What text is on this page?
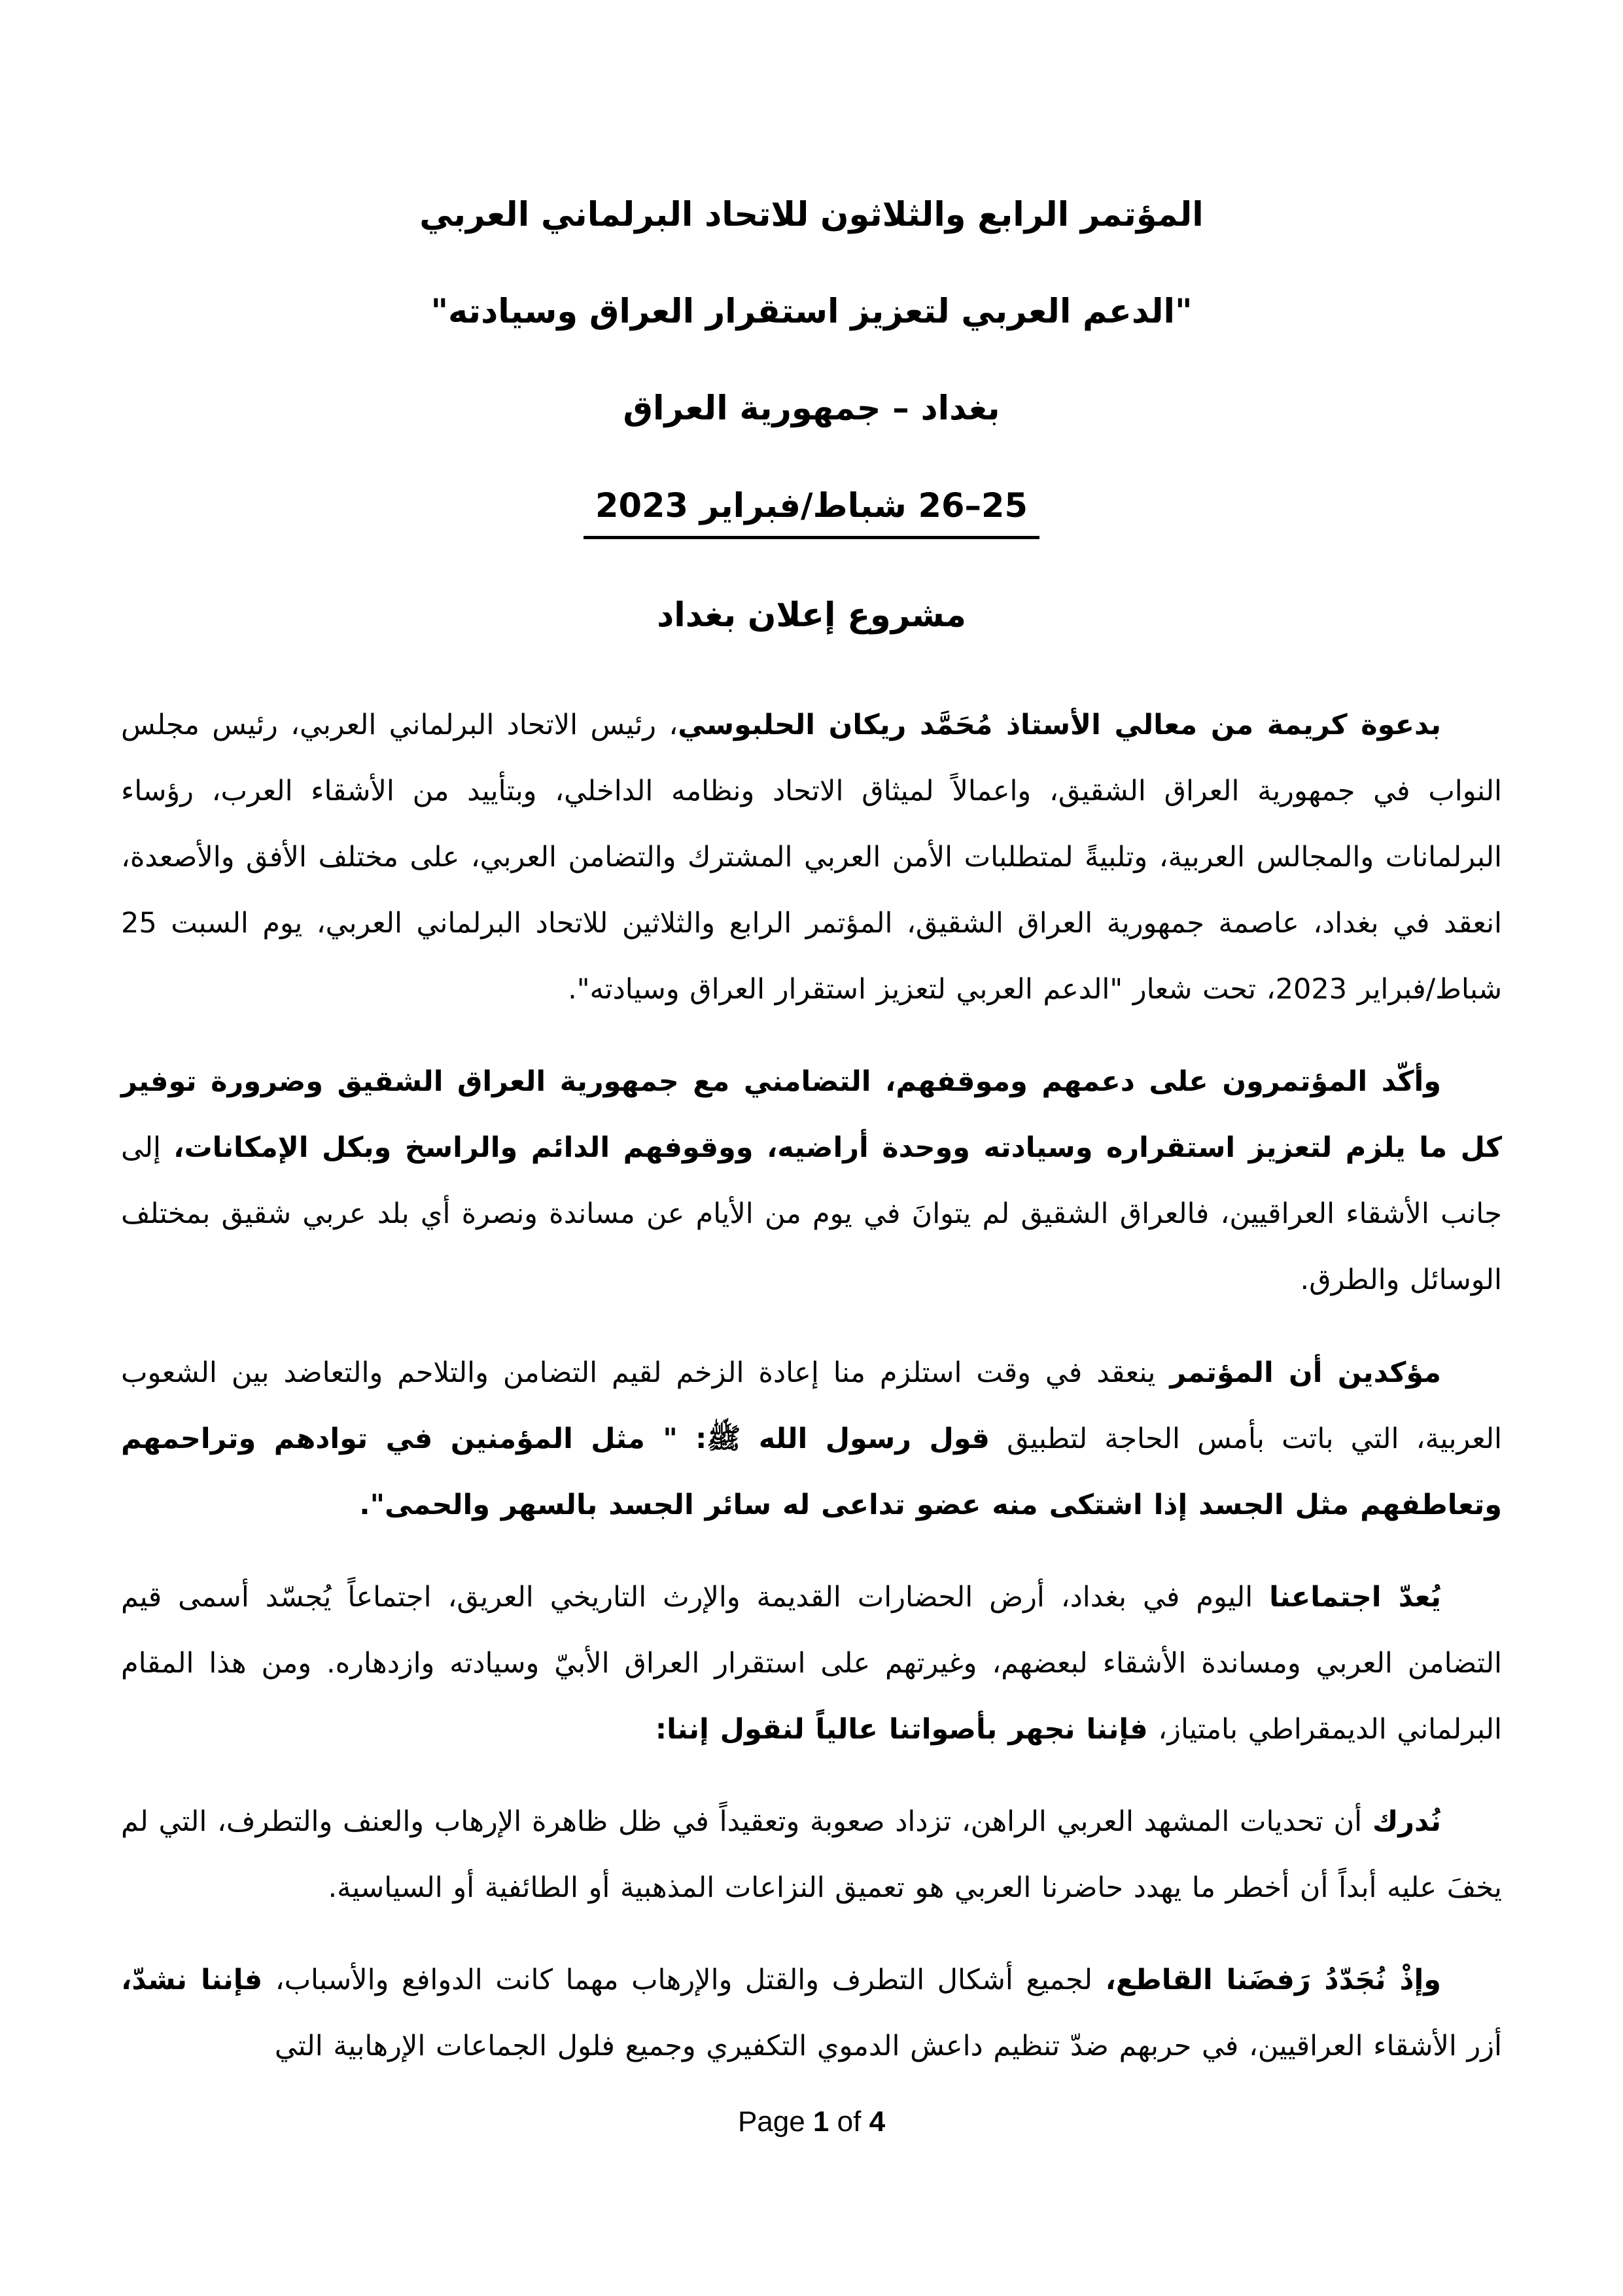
المؤتمر الرابع والثلاثون للاتحاد البرلماني العربي
"الدعم العربي لتعزيز استقرار العراق وسيادته"
بغداد – جمهورية العراق
25–26 شباط/فبراير 2023
مشروع إعلان بغداد

بدعوة كريمة من معالي الأستاذ مُحَمَّد ريكان الحلبوسي، رئيس الاتحاد البرلماني العربي، رئيس مجلس النواب في جمهورية العراق الشقيق، واعمالاً لميثاق الاتحاد ونظامه الداخلي، وبتأييد من الأشقاء العرب، رؤساء البرلمانات والمجالس العربية، وتلبيةً لمتطلبات الأمن العربي المشترك والتضامن العربي، على مختلف الأفق والأصعدة، انعقد في بغداد، عاصمة جمهورية العراق الشقيق، المؤتمر الرابع والثلاثين للاتحاد البرلماني العربي، يوم السبت 25 شباط/فبراير 2023، تحت شعار "الدعم العربي لتعزيز استقرار العراق وسيادته".

وأكّد المؤتمرون على دعمهم وموقفهم، التضامني مع جمهورية العراق الشقيق وضرورة توفير كل ما يلزم لتعزيز استقراره وسيادته ووحدة أراضيه، ووقوفهم الدائم والراسخ وبكل الإمكانات، إلى جانب الأشقاء العراقيين، فالعراق الشقيق لم يتوانَ في يوم من الأيام عن مساندة ونصرة أي بلد عربي شقيق بمختلف الوسائل والطرق.

مؤكدين أن المؤتمر ينعقد في وقت استلزم منا إعادة الزخم لقيم التضامن والتلاحم والتعاضد بين الشعوب العربية، التي باتت بأمس الحاجة لتطبيق قول رسول الله ﷺ: " مثل المؤمنين في توادهم وتراحمهم وتعاطفهم مثل الجسد إذا اشتكى منه عضو تداعى له سائر الجسد بالسهر والحمى".

يُعدّ اجتماعنا اليوم في بغداد، أرض الحضارات القديمة والإرث التاريخي العريق، اجتماعاً يُجسّد أسمى قيم التضامن العربي ومساندة الأشقاء لبعضهم، وغيرتهم على استقرار العراق الأبيّ وسيادته وازدهاره. ومن هذا المقام البرلماني الديمقراطي بامتياز، فإننا نجهر بأصواتنا عالياً لنقول إننا:

نُدرك أن تحديات المشهد العربي الراهن، تزداد صعوبة وتعقيداً في ظل ظاهرة الإرهاب والعنف والتطرف، التي لم يخفَ عليه أبداً أن أخطر ما يهدد حاضرنا العربي هو تعميق النزاعات المذهبية أو الطائفية أو السياسية.

وإذْ نُجَدّدُ رَفضَنا القاطع، لجميع أشكال التطرف والقتل والإرهاب مهما كانت الدوافع والأسباب، فإننا نشدّ، أزر الأشقاء العراقيين، في حربهم ضدّ تنظيم داعش الدموي التكفيري وجميع فلول الجماعات الإرهابية التي

Page 1 of 4
